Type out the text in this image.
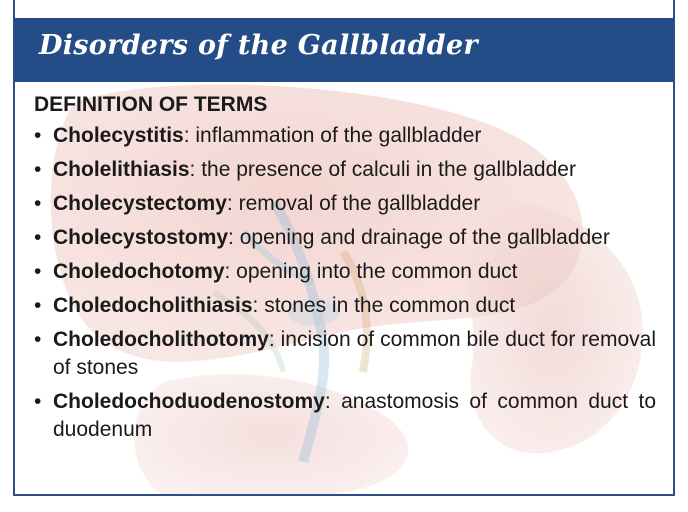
Disorders of the Gallbladder
DEFINITION OF TERMS
• Cholecystitis: inflammation of the gallbladder
• Cholelithiasis: the presence of calculi in the gallbladder
• Cholecystectomy: removal of the gallbladder
• Cholecystostomy: opening and drainage of the gallbladder
• Choledochotomy: opening into the common duct
• Choledocholithiasis: stones in the common duct
• Choledocholithotomy: incision of common bile duct for removal of stones
• Choledochoduodenostomy: anastomosis of common duct to duodenum
